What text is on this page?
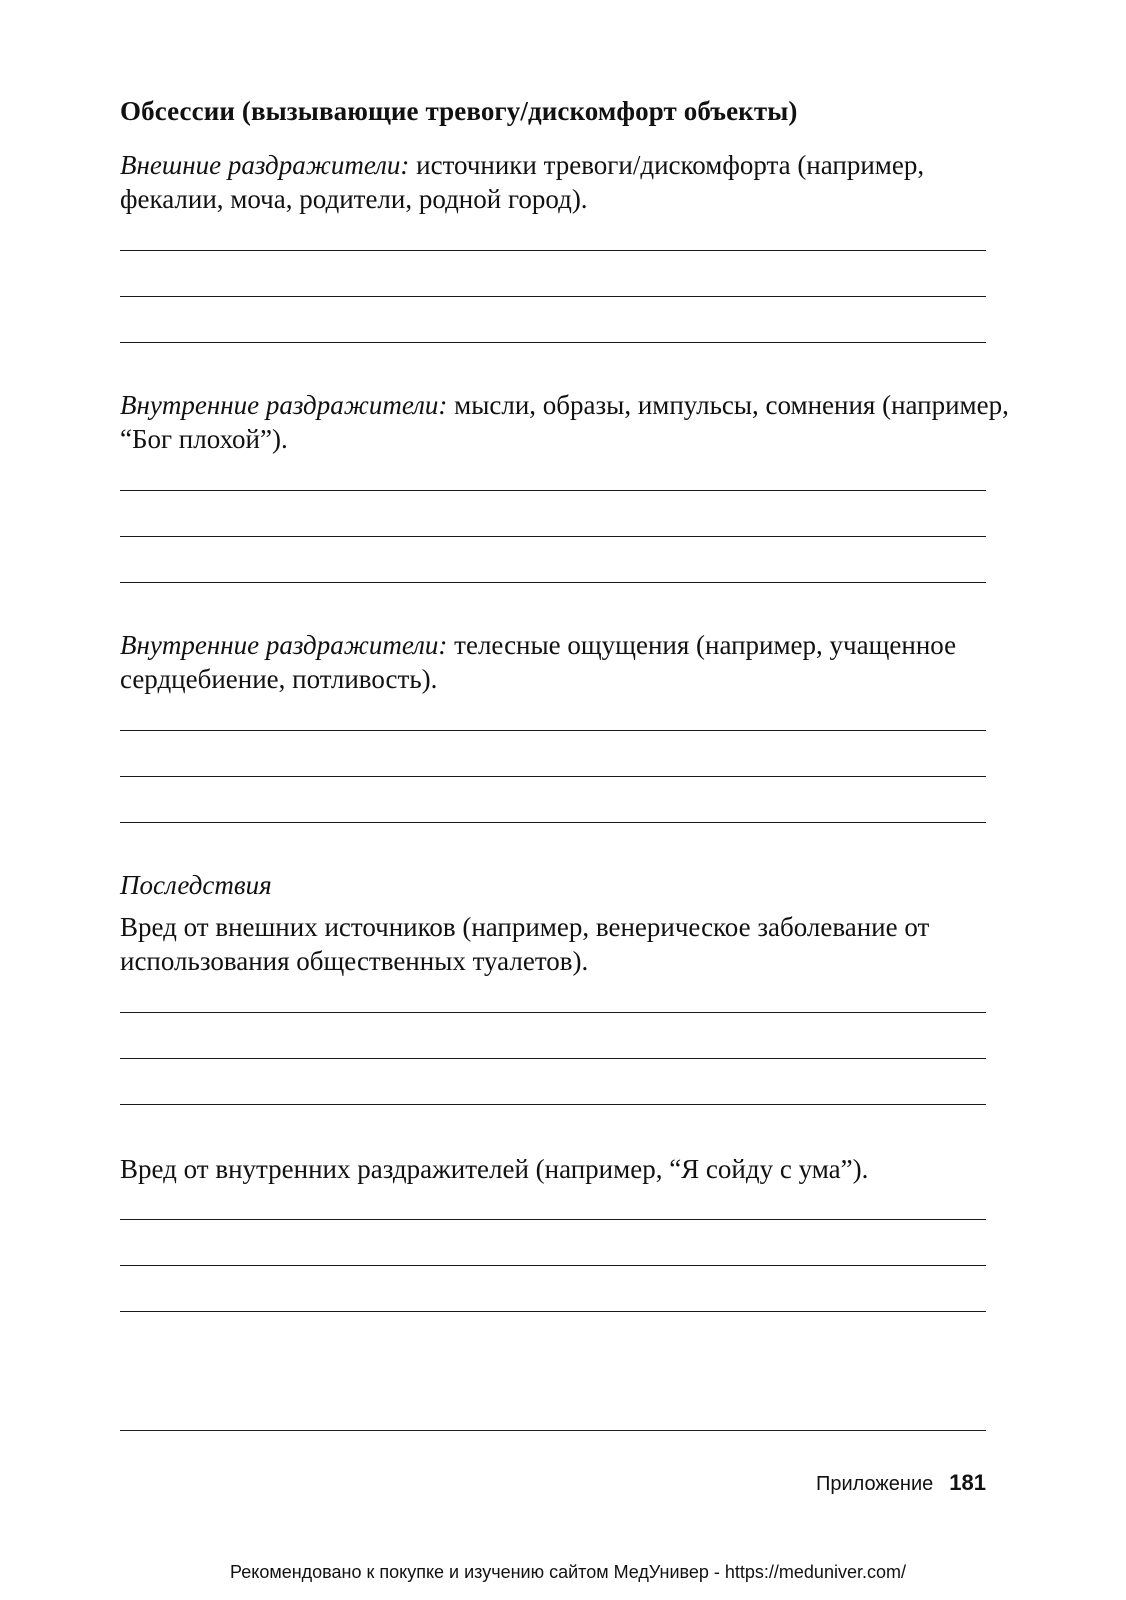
Обсессии (вызывающие тревогу/дискомфорт объекты)
Внешние раздражители: источники тревоги/дискомфорта (например, фекалии, моча, родители, родной город).
Внутренние раздражители: мысли, образы, импульсы, сомнения (например, “Бог плохой”).
Внутренние раздражители: телесные ощущения (например, учащенное сердцебиение, потливость).
Последствия
Вред от внешних источников (например, венерическое заболевание от использования общественных туалетов).
Вред от внутренних раздражителей (например, “Я сойду с ума”).
Приложение 181
Рекомендовано к покупке и изучению сайтом МедУнивер - https://meduniver.com/
